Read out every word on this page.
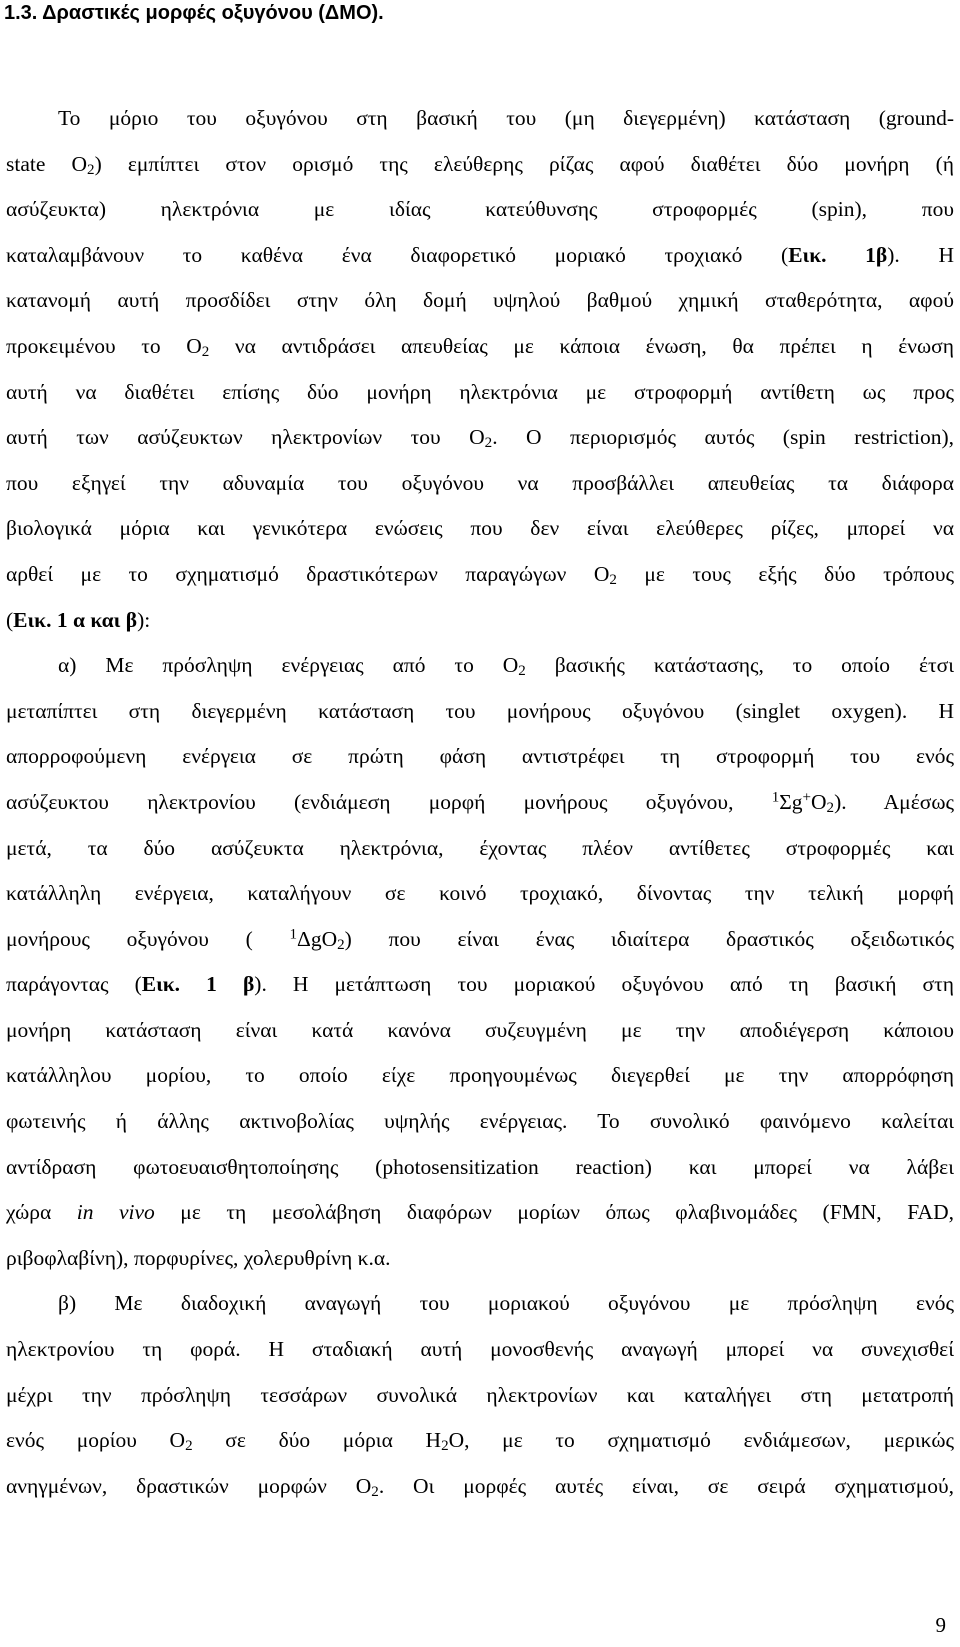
1.3. Δραστικές μορφές οξυγόνου (ΔΜΟ).
Το μόριο του οξυγόνου στη βασική του (μη διεγερμένη) κατάσταση (ground-
state $O_2$) εμπίπτει στον ορισμό της ελεύθερης ρίζας αφού διαθέτει δύο μονήρη (ή
ασύζευκτα) ηλεκτρόνια με ιδίας κατεύθυνσης στροφορμές (spin), που
καταλαμβάνουν το καθένα ένα διαφορετικό μοριακό τροχιακό (Εικ. 1β). Η
κατανομή αυτή προσδίδει στην όλη δομή υψηλού βαθμού χημική σταθερότητα, αφού
προκειμένου το $O_2$ να αντιδράσει απευθείας με κάποια ένωση, θα πρέπει η ένωση
αυτή να διαθέτει επίσης δύο μονήρη ηλεκτρόνια με στροφορμή αντίθετη ως προς
αυτή των ασύζευκτων ηλεκτρονίων του $O_2$. Ο περιορισμός αυτός (spin restriction),
που εξηγεί την αδυναμία του οξυγόνου να προσβάλλει απευθείας τα διάφορα
βιολογικά μόρια και γενικότερα ενώσεις που δεν είναι ελεύθερες ρίζες, μπορεί να
αρθεί με το σχηματισμό δραστικότερων παραγώγων $O_2$ με τους εξής δύο τρόπους
(Εικ. 1 α και β):
α) Με πρόσληψη ενέργειας από το $O_2$ βασικής κατάστασης, το οποίο έτσι
μεταπίπτει στη διεγερμένη κατάσταση του μονήρους οξυγόνου (singlet oxygen). Η
απορροφούμενη ενέργεια σε πρώτη φάση αντιστρέφει τη στροφορμή του ενός
ασύζευκτου ηλεκτρονίου (ενδιάμεση μορφή μονήρους οξυγόνου, $^1\Sigma g^+O_2$). Αμέσως
μετά, τα δύο ασύζευκτα ηλεκτρόνια, έχοντας πλέον αντίθετες στροφορμές και
κατάλληλη ενέργεια, καταλήγουν σε κοινό τροχιακό, δίνοντας την τελική μορφή
μονήρους οξυγόνου ( $^1$ΔgO$_2$) που είναι ένας ιδιαίτερα δραστικός οξειδωτικός
παράγοντας (Εικ. 1 β). Η μετάπτωση του μοριακού οξυγόνου από τη βασική στη
μονήρη κατάσταση είναι κατά κανόνα συζευγμένη με την αποδιέγερση κάποιου
κατάλληλου μορίου, το οποίο είχε προηγουμένως διεγερθεί με την απορρόφηση
φωτεινής ή άλλης ακτινοβολίας υψηλής ενέργειας. Το συνολικό φαινόμενο καλείται
αντίδραση φωτοευαισθητοποίησης (photosensitization reaction) και μπορεί να λάβει
χώρα in vivo με τη μεσολάβηση διαφόρων μορίων όπως φλαβινομάδες (FMN, FAD,
ριβοφλαβίνη), πορφυρίνες, χολερυθρίνη κ.α.
β) Με διαδοχική αναγωγή του μοριακού οξυγόνου με πρόσληψη ενός
ηλεκτρονίου τη φορά. Η σταδιακή αυτή μονοσθενής αναγωγή μπορεί να συνεχισθεί
μέχρι την πρόσληψη τεσσάρων συνολικά ηλεκτρονίων και καταλήγει στη μετατροπή
ενός μορίου $O_2$ σε δύο μόρια $H_2O$, με το σχηματισμό ενδιάμεσων, μερικώς
ανηγμένων, δραστικών μορφών $O_2$. Οι μορφές αυτές είναι, σε σειρά σχηματισμού,
9
